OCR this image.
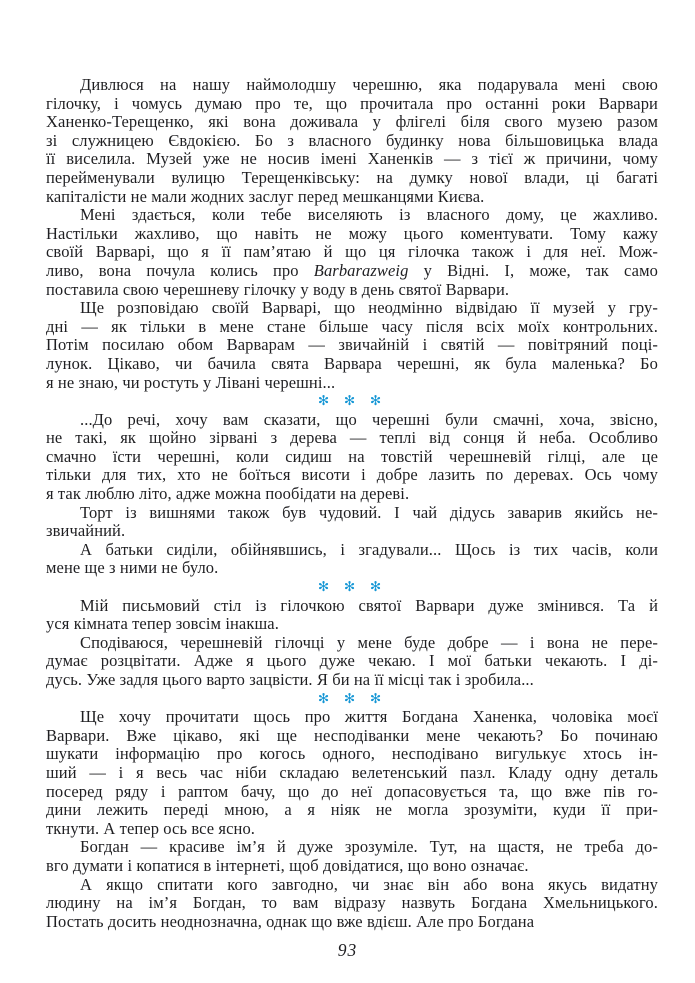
Дивлюся на нашу наймолодшу черешню, яка подарувала мені свою
гілочку, і чомусь думаю про те, що прочитала про останні роки Варвари
Ханенко-Терещенко, які вона доживала у флігелі біля свого музею разом
зі служницею Євдокією. Бо з власного будинку нова більшовицька влада
її виселила. Музей уже не носив імені Ханенків — з тієї ж причини, чому
перейменували вулицю Терещенківську: на думку нової влади, ці багаті
капіталісти не мали жодних заслуг перед мешканцями Києва.
Мені здається, коли тебе виселяють із власного дому, це жахливо.
Настільки жахливо, що навіть не можу цього коментувати. Тому кажу
своїй Варварі, що я її пам’ятаю й що ця гілочка також і для неї. Мож-
ливо, вона почула колись про Barbarazweig у Відні. І, може, так само
поставила свою черешневу гілочку у воду в день святої Варвари.
Ще розповідаю своїй Варварі, що неодмінно відвідаю її музей у гру-
дні — як тільки в мене стане більше часу після всіх моїх контрольних.
Потім посилаю обом Варварам — звичайній і святій — повітряний поці-
лунок. Цікаво, чи бачила свята Варвара черешні, як була маленька? Бо
я не знаю, чи ростуть у Лівані черешні...
✻ ✻ ✻
...До речі, хочу вам сказати, що черешні були смачні, хоча, звісно,
не такі, як щойно зірвані з дерева — теплі від сонця й неба. Особливо
смачно їсти черешні, коли сидиш на товстій черешневій гілці, але це
тільки для тих, хто не боїться висоти і добре лазить по деревах. Ось чому
я так люблю літо, адже можна пообідати на дереві.
Торт із вишнями також був чудовий. І чай дідусь заварив якийсь не-
звичайний.
А батьки сиділи, обійнявшись, і згадували... Щось із тих часів, коли
мене ще з ними не було.
✻ ✻ ✻
Мій письмовий стіл із гілочкою святої Варвари дуже змінився. Та й
уся кімната тепер зовсім інакша.
Сподіваюся, черешневій гілочці у мене буде добре — і вона не пере-
думає розцвітати. Адже я цього дуже чекаю. І мої батьки чекають. І ді-
дусь. Уже задля цього варто зацвісти. Я би на її місці так і зробила...
✻ ✻ ✻
Ще хочу прочитати щось про життя Богдана Ханенка, чоловіка моєї
Варвари. Вже цікаво, які ще несподіванки мене чекають? Бо починаю
шукати інформацію про когось одного, несподівано вигулькує хтось ін-
ший — і я весь час ніби складаю велетенський пазл. Кладу одну деталь
посеред ряду і раптом бачу, що до неї допасовується та, що вже пів го-
дини лежить переді мною, а я ніяк не могла зрозуміти, куди її при-
ткнути. А тепер ось все ясно.
Богдан — красиве ім’я й дуже зрозуміле. Тут, на щастя, не треба до-
вго думати і копатися в інтернеті, щоб довідатися, що воно означає.
А якщо спитати кого завгодно, чи знає він або вона якусь видатну
людину на ім’я Богдан, то вам відразу назвуть Богдана Хмельницького.
Постать досить неоднозначна, однак що вже вдієш. Але про Богдана
93
